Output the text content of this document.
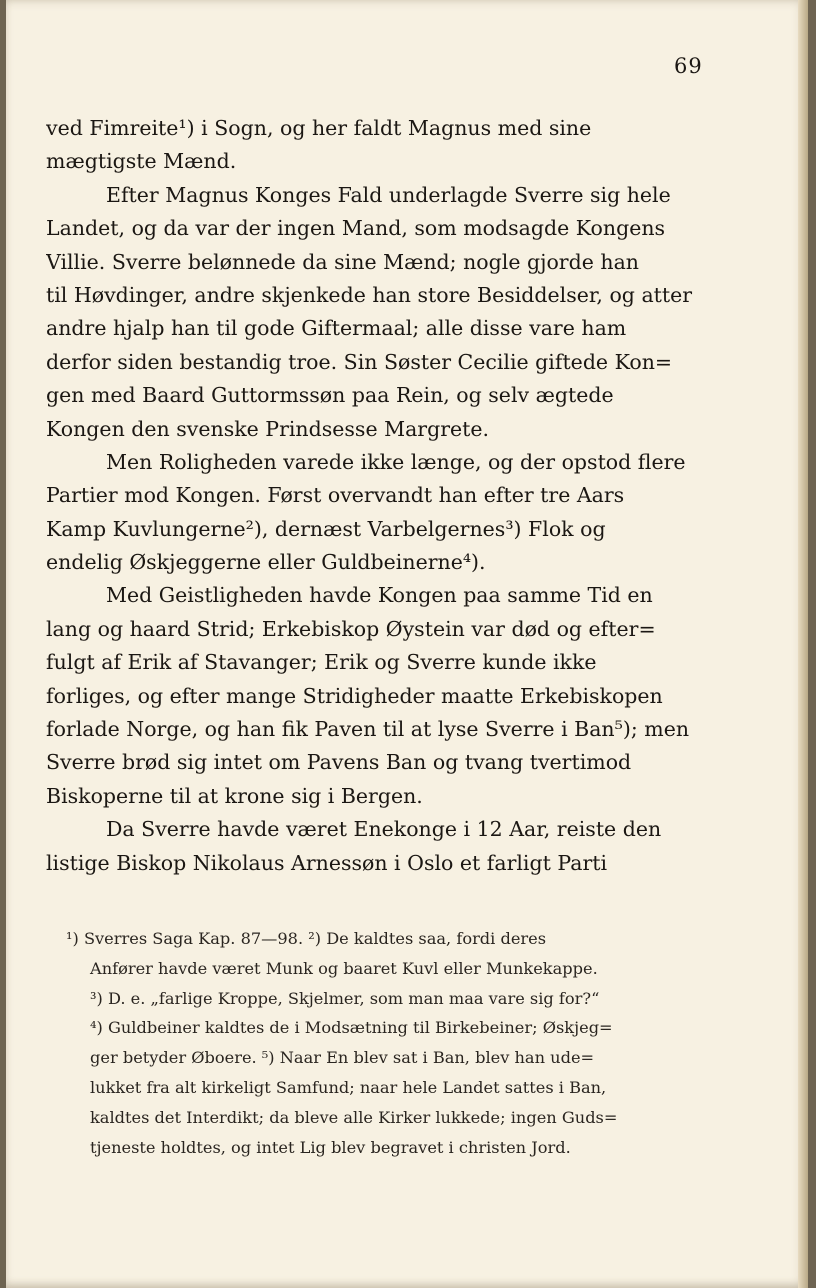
69
ved Fimreite¹) i Sogn, og her faldt Magnus med sine
mægtigste Mænd.
Efter Magnus Konges Fald underlagde Sverre sig hele
Landet, og da var der ingen Mand, som modsagde Kongens
Villie. Sverre belønnede da sine Mænd; nogle gjorde han
til Høvdinger, andre skjenkede han store Besiddelser, og atter
andre hjalp han til gode Giftermaal; alle disse vare ham
derfor siden bestandig troe. Sin Søster Cecilie giftede Kon=
gen med Baard Guttormssøn paa Rein, og selv ægtede
Kongen den svenske Prindsesse Margrete.
Men Roligheden varede ikke længe, og der opstod flere
Partier mod Kongen. Først overvandt han efter tre Aars
Kamp Kuvlungerne²), dernæst Varbelgernes³) Flok og
endelig Øskjeggerne eller Guldbeinerne⁴).
Med Geistligheden havde Kongen paa samme Tid en
lang og haard Strid; Erkebiskop Øystein var død og efter=
fulgt af Erik af Stavanger; Erik og Sverre kunde ikke
forliges, og efter mange Stridigheder maatte Erkebiskopen
forlade Norge, og han fik Paven til at lyse Sverre i Ban⁵); men
Sverre brød sig intet om Pavens Ban og tvang tvertimod
Biskoperne til at krone sig i Bergen.
Da Sverre havde været Enekonge i 12 Aar, reiste den
listige Biskop Nikolaus Arnessøn i Oslo et farligt Parti
¹) Sverres Saga Kap. 87—98. ²) De kaldtes saa, fordi deres
Anfører havde været Munk og baaret Kuvl eller Munkekappe.
³) D. e. „farlige Kroppe, Skjelmer, som man maa vare sig for?“
⁴) Guldbeiner kaldtes de i Modsætning til Birkebeiner; Øskjeg=
ger betyder Øboere. ⁵) Naar En blev sat i Ban, blev han ude=
lukket fra alt kirkeligt Samfund; naar hele Landet sattes i Ban,
kaldtes det Interdikt; da bleve alle Kirker lukkede; ingen Guds=
tjeneste holdtes, og intet Lig blev begravet i christen Jord.
